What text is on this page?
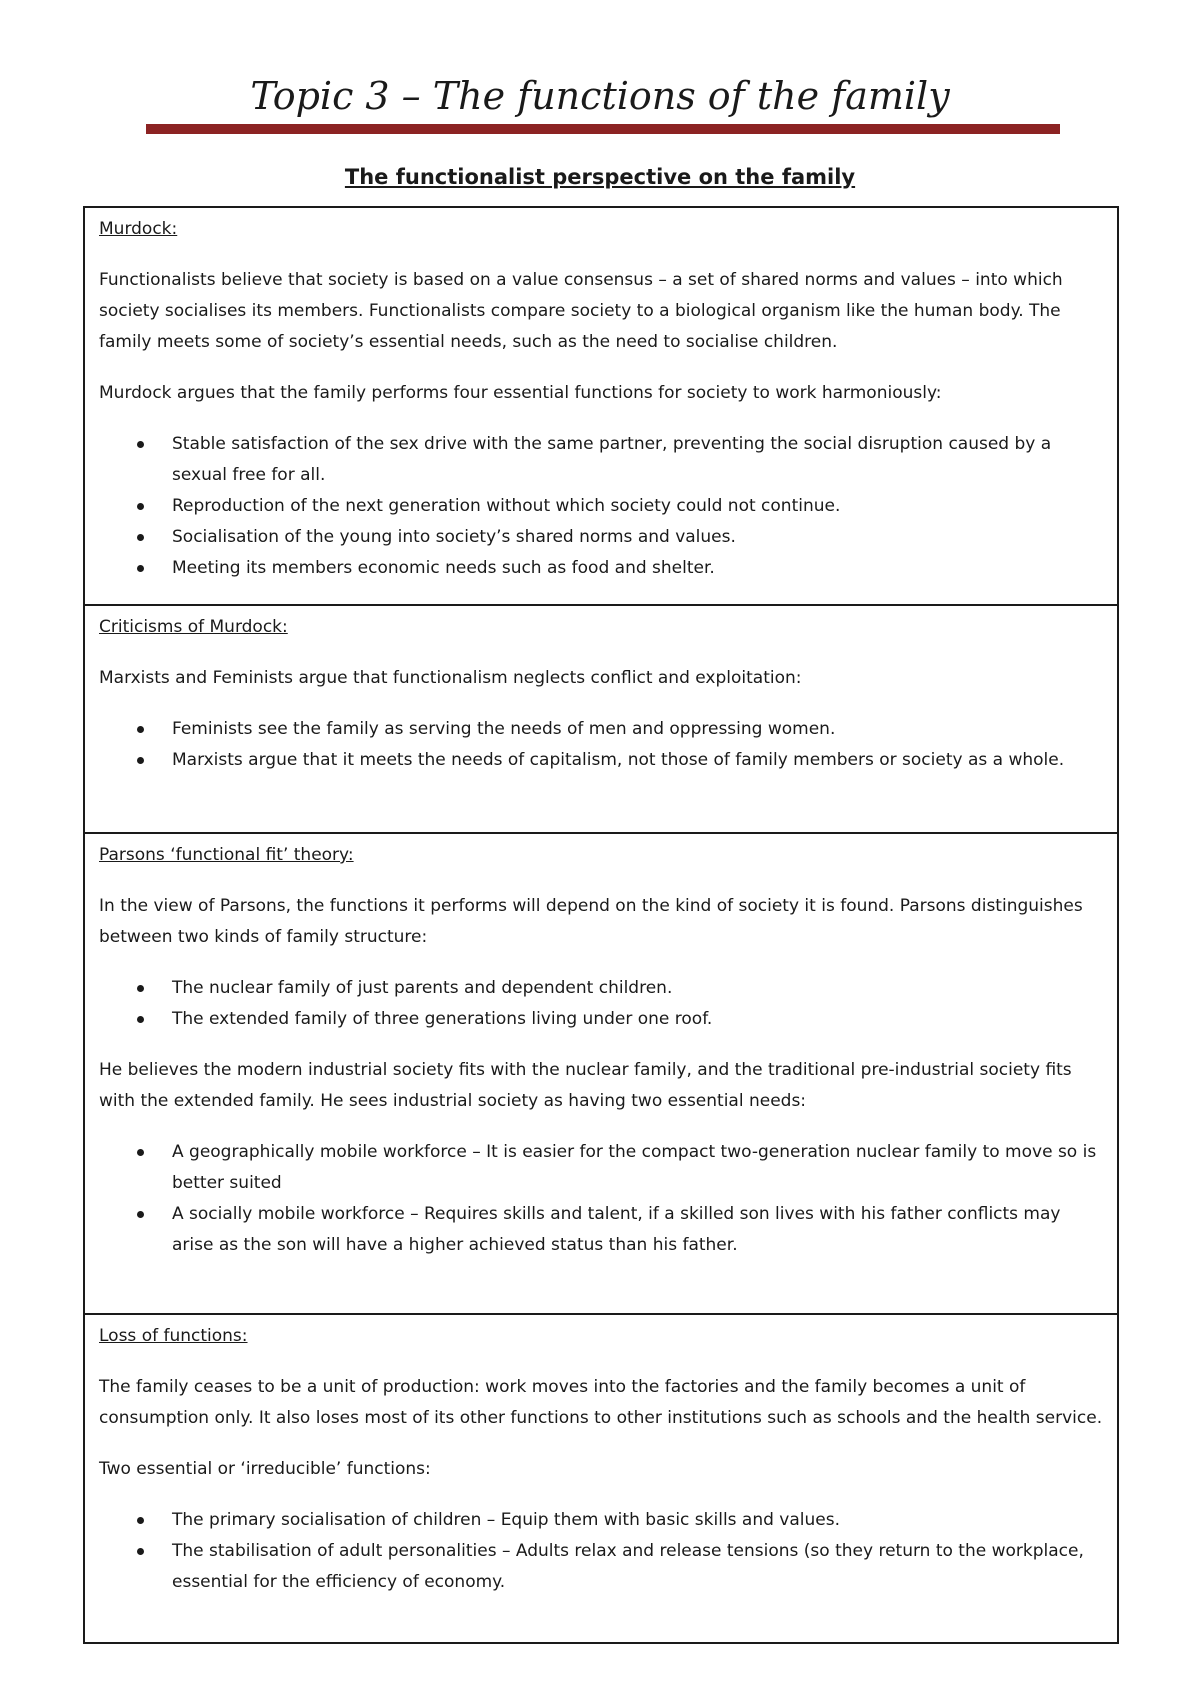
Topic 3 – The functions of the family
The functionalist perspective on the family

Murdock:

Functionalists believe that society is based on a value consensus – a set of shared norms and values – into which society socialises its members. Functionalists compare society to a biological organism like the human body. The family meets some of society’s essential needs, such as the need to socialise children.

Murdock argues that the family performs four essential functions for society to work harmoniously:

Stable satisfaction of the sex drive with the same partner, preventing the social disruption caused by a sexual free for all.
Reproduction of the next generation without which society could not continue.
Socialisation of the young into society’s shared norms and values.
Meeting its members economic needs such as food and shelter.

Criticisms of Murdock:

Marxists and Feminists argue that functionalism neglects conflict and exploitation:

Feminists see the family as serving the needs of men and oppressing women.
Marxists argue that it meets the needs of capitalism, not those of family members or society as a whole.

Parsons ‘functional fit’ theory:

In the view of Parsons, the functions it performs will depend on the kind of society it is found. Parsons distinguishes between two kinds of family structure:

The nuclear family of just parents and dependent children.
The extended family of three generations living under one roof.

He believes the modern industrial society fits with the nuclear family, and the traditional pre-industrial society fits with the extended family. He sees industrial society as having two essential needs:

A geographically mobile workforce – It is easier for the compact two-generation nuclear family to move so is better suited
A socially mobile workforce – Requires skills and talent, if a skilled son lives with his father conflicts may arise as the son will have a higher achieved status than his father.

Loss of functions:

The family ceases to be a unit of production: work moves into the factories and the family becomes a unit of consumption only. It also loses most of its other functions to other institutions such as schools and the health service.

Two essential or ‘irreducible’ functions:

The primary socialisation of children – Equip them with basic skills and values.
The stabilisation of adult personalities – Adults relax and release tensions (so they return to the workplace, essential for the efficiency of economy.
